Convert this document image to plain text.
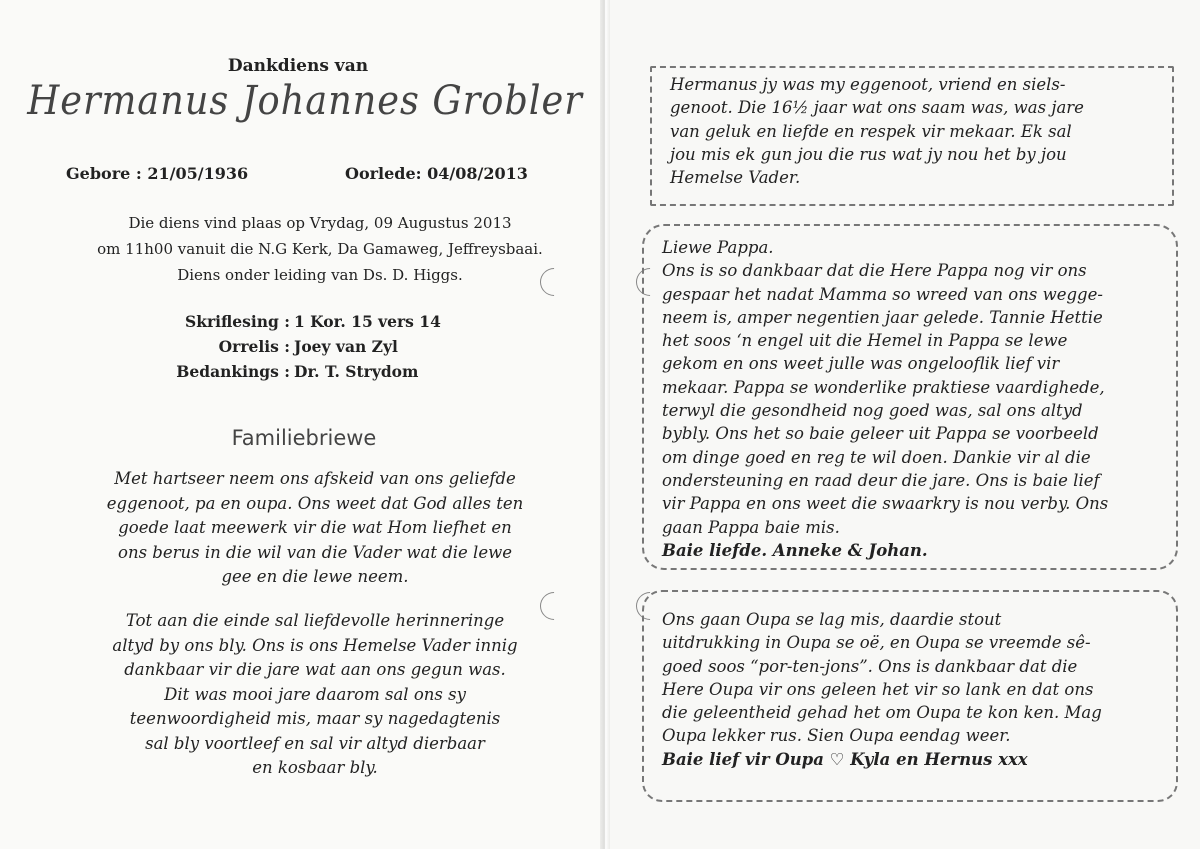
Dankdiens van
Hermanus Johannes Grobler
Gebore : 21/05/1936	Oorlede: 04/08/2013
Die diens vind plaas op Vrydag, 09 Augustus 2013
om 11h00 vanuit die N.G Kerk, Da Gamaweg, Jeffreysbaai.
Diens onder leiding van Ds. D. Higgs.
Skriflesing : 1 Kor. 15 vers 14
Orrelis : Joey van Zyl
Bedankings : Dr. T. Strydom
Familiebriewe
Met hartseer neem ons afskeid van ons geliefde
eggenoot, pa en oupa. Ons weet dat God alles ten
goede laat meewerk vir die wat Hom liefhet en
ons berus in die wil van die Vader wat die lewe
gee en die lewe neem.
Tot aan die einde sal liefdevolle herinneringe
altyd by ons bly. Ons is ons Hemelse Vader innig
dankbaar vir die jare wat aan ons gegun was.
Dit was mooi jare daarom sal ons sy
teenwoordigheid mis, maar sy nagedagtenis
sal bly voortleef en sal vir altyd dierbaar
en kosbaar bly.
Hermanus jy was my eggenoot, vriend en siels-
genoot. Die 16½ jaar wat ons saam was, was jare
van geluk en liefde en respek vir mekaar. Ek sal
jou mis ek gun jou die rus wat jy nou het by jou
Hemelse Vader.
Liewe Pappa.
Ons is so dankbaar dat die Here Pappa nog vir ons
gespaar het nadat Mamma so wreed van ons wegge-
neem is, amper negentien jaar gelede. Tannie Hettie
het soos ‘n engel uit die Hemel in Pappa se lewe
gekom en ons weet julle was ongelooflik lief vir
mekaar. Pappa se wonderlike praktiese vaardighede,
terwyl die gesondheid nog goed was, sal ons altyd
bybly. Ons het so baie geleer uit Pappa se voorbeeld
om dinge goed en reg te wil doen. Dankie vir al die
ondersteuning en raad deur die jare. Ons is baie lief
vir Pappa en ons weet die swaarkry is nou verby. Ons
gaan Pappa baie mis.
Baie liefde. Anneke & Johan.
Ons gaan Oupa se lag mis, daardie stout
uitdrukking in Oupa se oë, en Oupa se vreemde sê-
goed soos “por-ten-jons”. Ons is dankbaar dat die
Here Oupa vir ons geleen het vir so lank en dat ons
die geleentheid gehad het om Oupa te kon ken. Mag
Oupa lekker rus. Sien Oupa eendag weer.
Baie lief vir Oupa ♡ Kyla en Hernus xxx
